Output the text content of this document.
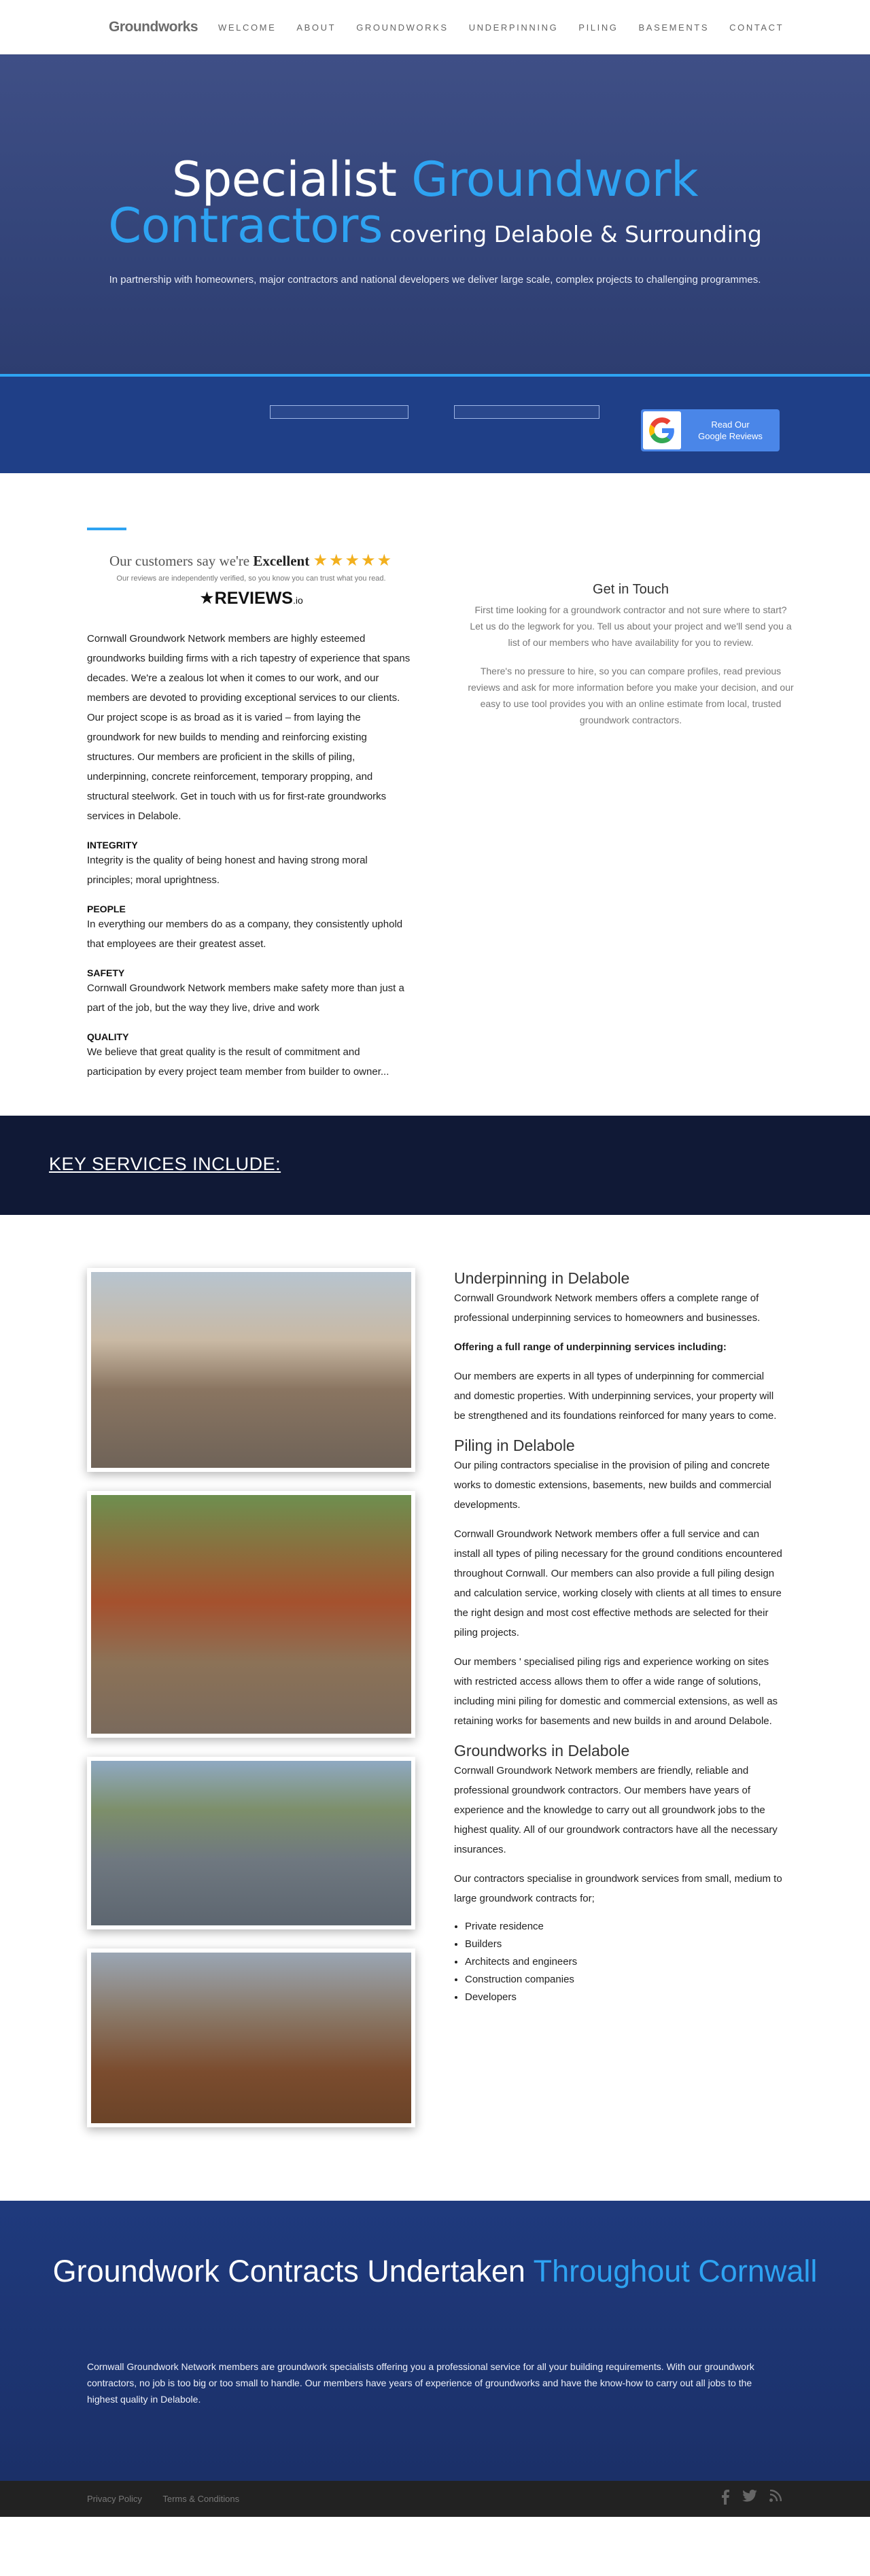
Groundworks WELCOME ABOUT GROUNDWORKS UNDERPINNING PILING BASEMENTS CONTACT
Specialist Groundwork
Contractors covering Delabole & Surrounding

In partnership with homeowners, major contractors and national developers we deliver large scale, complex projects to challenging programmes.

Read Our
Google Reviews
Our customers say we're Excellent ★★★★★
Our reviews are independently verified, so you know you can trust what you read.
★REVIEWS.io

Cornwall Groundwork Network members are highly esteemed groundworks building firms with a rich tapestry of experience that spans decades. We're a zealous lot when it comes to our work, and our members are devoted to providing exceptional services to our clients. Our project scope is as broad as it is varied – from laying the groundwork for new builds to mending and reinforcing existing structures. Our members are proficient in the skills of piling, underpinning, concrete reinforcement, temporary propping, and structural steelwork. Get in touch with us for first-rate groundworks services in Delabole.

INTEGRITY

Integrity is the quality of being honest and having strong moral principles; moral uprightness.

PEOPLE

In everything our members do as a company, they consistently uphold that employees are their greatest asset.

SAFETY

Cornwall Groundwork Network members make safety more than just a part of the job, but the way they live, drive and work

QUALITY

We believe that great quality is the result of commitment and participation by every project team member from builder to owner...

Get in Touch

First time looking for a groundwork contractor and not sure where to start? Let us do the legwork for you. Tell us about your project and we'll send you a list of our members who have availability for you to review.

There's no pressure to hire, so you can compare profiles, read previous reviews and ask for more information before you make your decision, and our easy to use tool provides you with an online estimate from local, trusted groundwork contractors.

KEY SERVICES INCLUDE:
Underpinning in Delabole

Cornwall Groundwork Network members offers a complete range of professional underpinning services to homeowners and businesses.

Offering a full range of underpinning services including:

Our members are experts in all types of underpinning for commercial and domestic properties. With underpinning services, your property will be strengthened and its foundations reinforced for many years to come.

Piling in Delabole

Our piling contractors specialise in the provision of piling and concrete works to domestic extensions, basements, new builds and commercial developments.

Cornwall Groundwork Network members offer a full service and can install all types of piling necessary for the ground conditions encountered throughout Cornwall. Our members can also provide a full piling design and calculation service, working closely with clients at all times to ensure the right design and most cost effective methods are selected for their piling projects.

Our members ' specialised piling rigs and experience working on sites with restricted access allows them to offer a wide range of solutions, including mini piling for domestic and commercial extensions, as well as retaining works for basements and new builds in and around Delabole.

Groundworks in Delabole

Cornwall Groundwork Network members are friendly, reliable and professional groundwork contractors. Our members have years of experience and the knowledge to carry out all groundwork jobs to the highest quality. All of our groundwork contractors have all the necessary insurances.

Our contractors specialise in groundwork services from small, medium to large groundwork contracts for;

• Private residence
• Builders
• Architects and engineers
• Construction companies
• Developers
Groundwork Contracts Undertaken Throughout Cornwall

Cornwall Groundwork Network members are groundwork specialists offering you a professional service for all your building requirements. With our groundwork contractors, no job is too big or too small to handle. Our members have years of experience of groundworks and have the know-how to carry out all jobs to the highest quality in Delabole.

Privacy Policy Terms & Conditions
